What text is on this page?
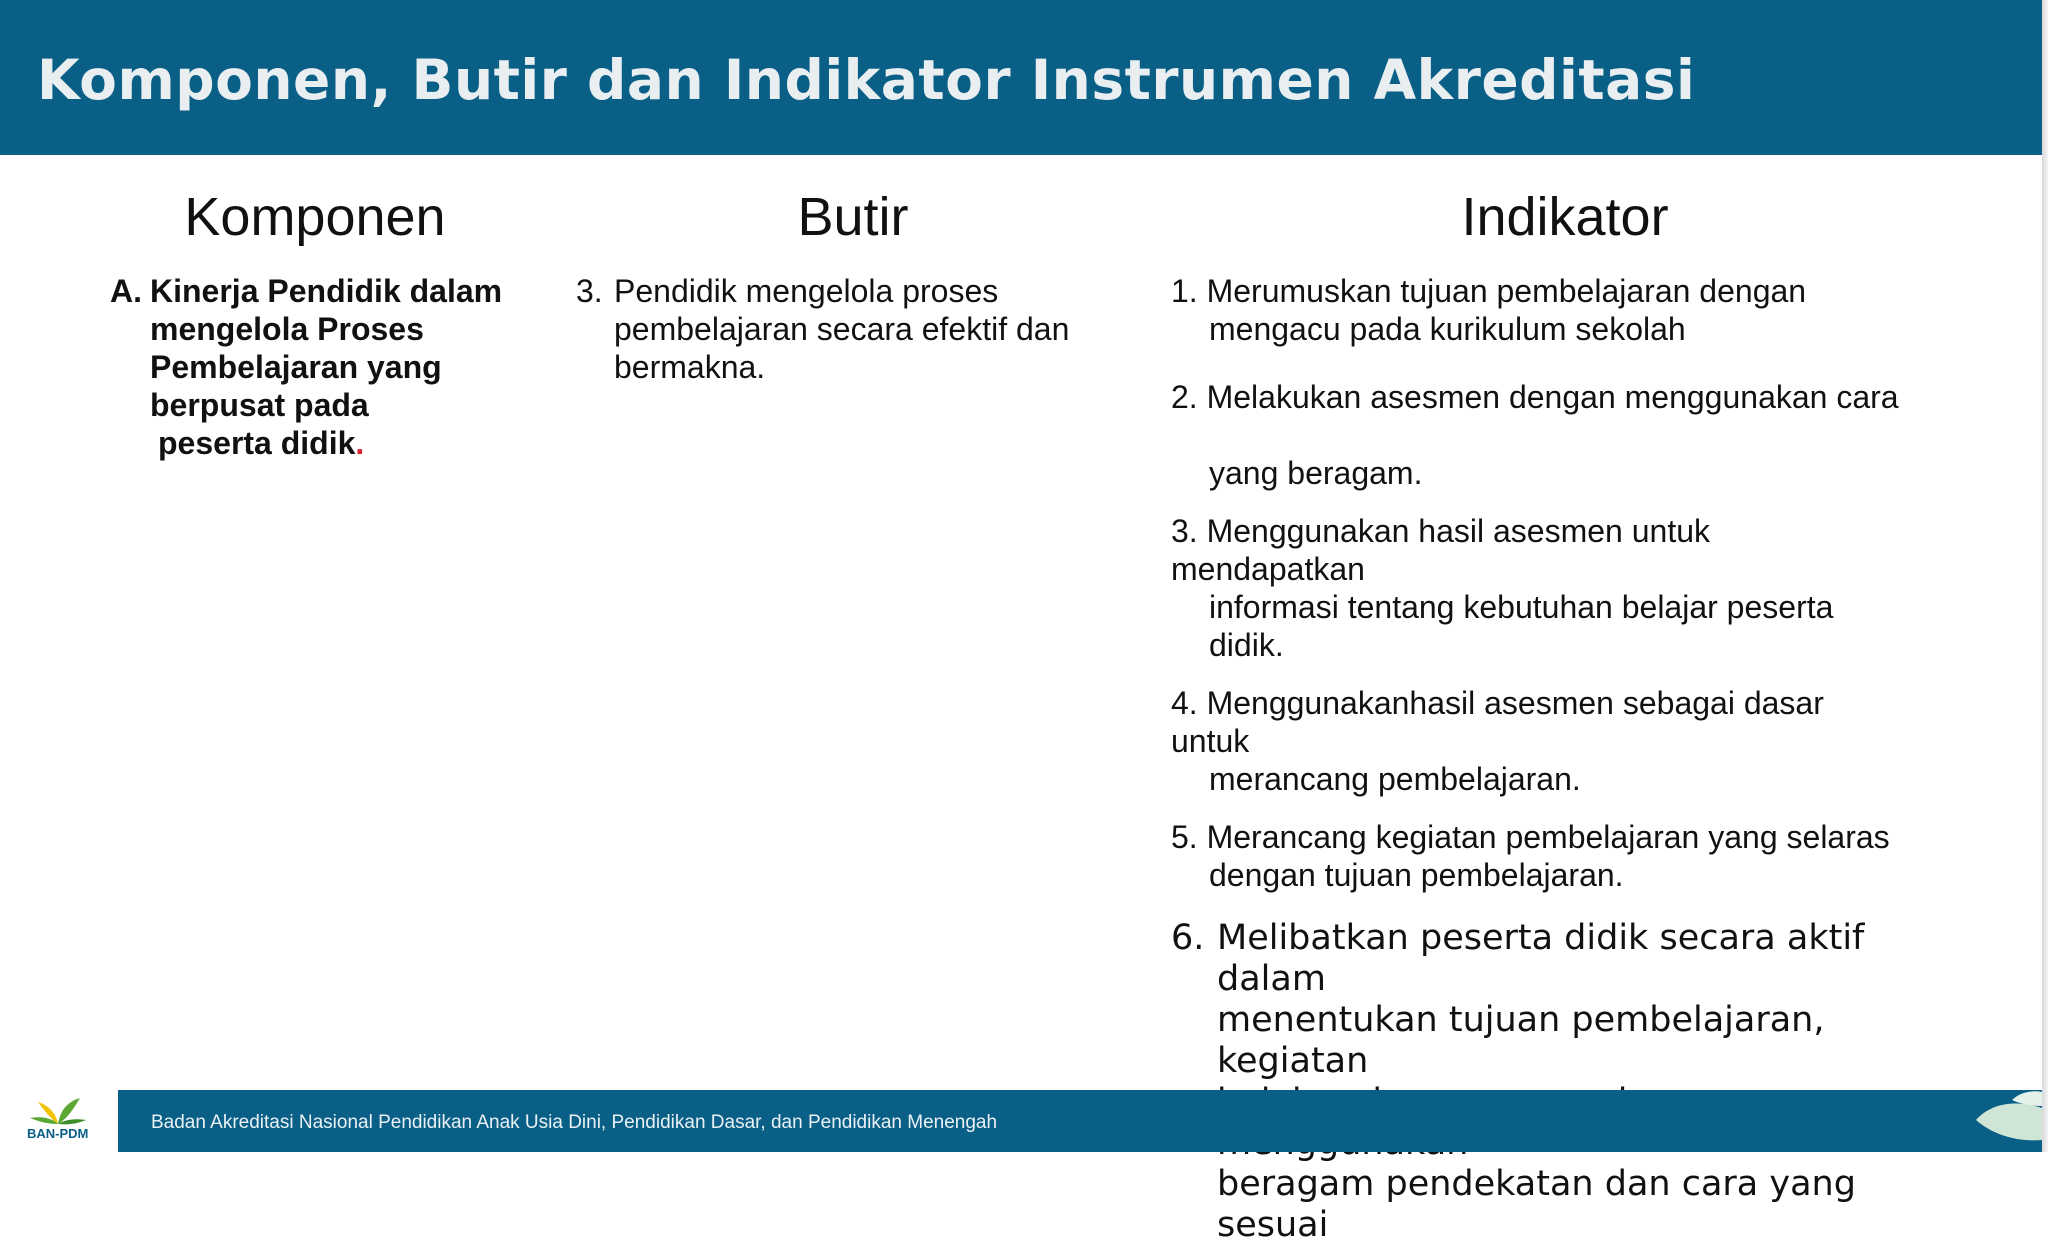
Komponen, Butir dan Indikator Instrumen Akreditasi
Komponen	Butir	Indikator
A. Kinerja Pendidik dalam
mengelola Proses
Pembelajaran yang
berpusat pada
peserta didik.
3. Pendidik mengelola proses
pembelajaran secara efektif dan
bermakna.
1. Merumuskan tujuan pembelajaran dengan
mengacu pada kurikulum sekolah
2. Melakukan asesmen dengan menggunakan cara
yang beragam.
3. Menggunakan hasil asesmen untuk
mendapatkan
informasi tentang kebutuhan belajar peserta
didik.
4. Menggunakanhasil asesmen sebagai dasar
untuk
merancang pembelajaran.
5. Merancang kegiatan pembelajaran yang selaras
dengan tujuan pembelajaran.
6. Melibatkan peserta didik secara aktif dalam
menentukan tujuan pembelajaran, kegiatan
beragam pendekatan dan cara yang sesuai
BAN-PDM
Badan Akreditasi Nasional Pendidikan Anak Usia Dini, Pendidikan Dasar, dan Pendidikan Menengah
